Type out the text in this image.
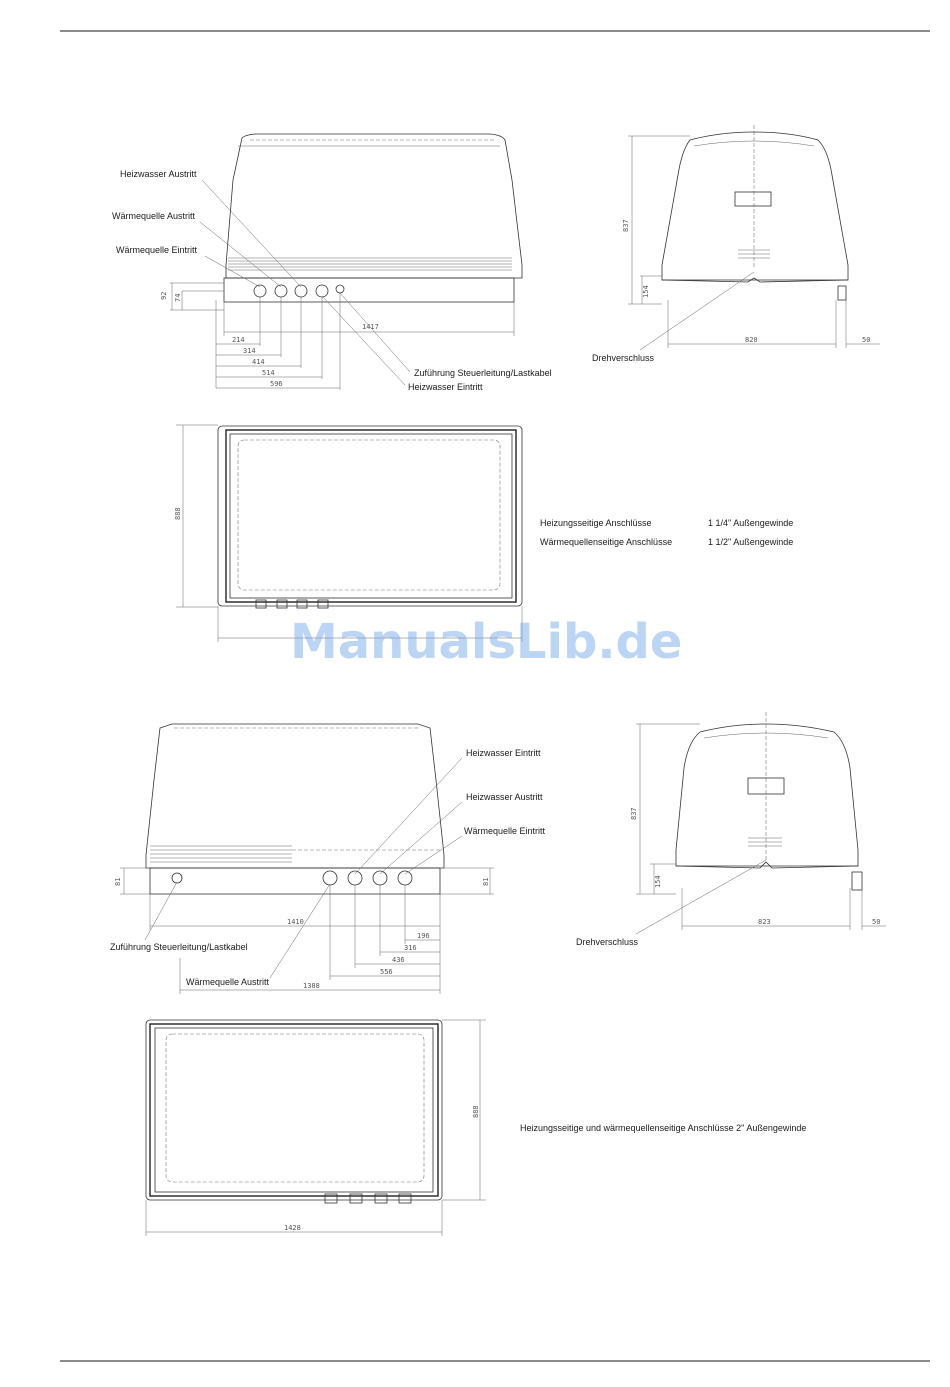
92 74
1417
214
314
414
514
596
Heizwasser Austritt
Wärmequelle Austritt
Wärmequelle Eintritt
Zuführung Steuerleitung/Lastkabel
Heizwasser Eintritt
837
154
820	50
Drehverschluss
888
Heizungsseitige Anschlüsse	1 1/4" Außengewinde
Wärmequellenseitige Anschlüsse	1 1/2" Außengewinde
ManualsLib.de
81	81
1410
196
316
436
556
1388
Heizwasser Eintritt
Heizwasser Austritt
Wärmequelle Eintritt
Zuführung Steuerleitung/Lastkabel
Wärmequelle Austritt
837
154
823	50
Drehverschluss
888
1428
Heizungsseitige und wärmequellenseitige Anschlüsse 2" Außengewinde
